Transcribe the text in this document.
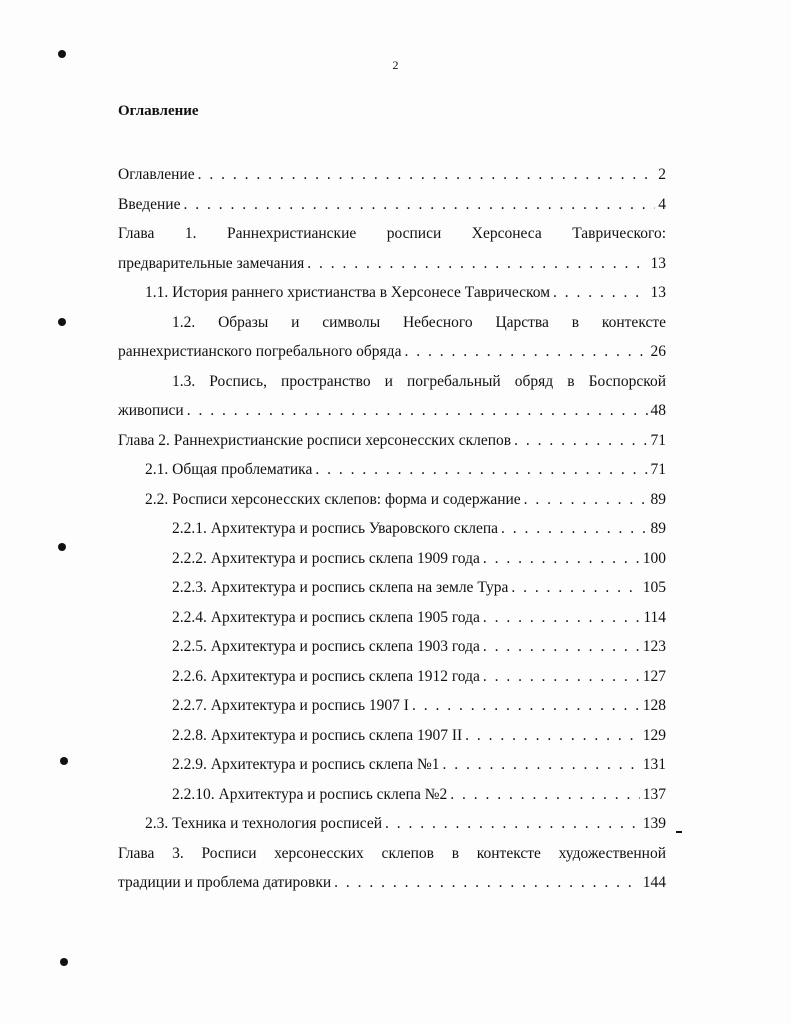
2
Оглавление
Оглавление . . .	2
Введение . . .	4
Глава 1. Раннехристианские росписи Херсонеса Таврического:
предварительные замечания . . .	13
1.1. История раннего христианства в Херсонесе Таврическом . . .	13
1.2. Образы и символы Небесного Царства в контексте
раннехристианского погребального обряда . . .	26
1.3. Роспись, пространство и погребальный обряд в Боспорской
живописи . . .	48
Глава 2. Раннехристианские росписи херсонесских склепов . . .	71
2.1. Общая проблематика . . .	71
2.2. Росписи херсонесских склепов: форма и содержание . . .	89
2.2.1. Архитектура и роспись Уваровского склепа . . .	89
2.2.2. Архитектура и роспись склепа 1909 года . . .	100
2.2.3. Архитектура и роспись склепа на земле Тура . . .	105
2.2.4. Архитектура и роспись склепа 1905 года . . .	114
2.2.5. Архитектура и роспись склепа 1903 года . . .	123
2.2.6. Архитектура и роспись склепа 1912 года . . .	127
2.2.7. Архитектура и роспись 1907 I . . .	128
2.2.8. Архитектура и роспись склепа 1907 II . . .	129
2.2.9. Архитектура и роспись склепа №1 . . .	131
2.2.10. Архитектура и роспись склепа №2 . . .	137
2.3. Техника и технология росписей . . .	139
Глава 3. Росписи херсонесских склепов в контексте художественной
традиции и проблема датировки . . .	144
